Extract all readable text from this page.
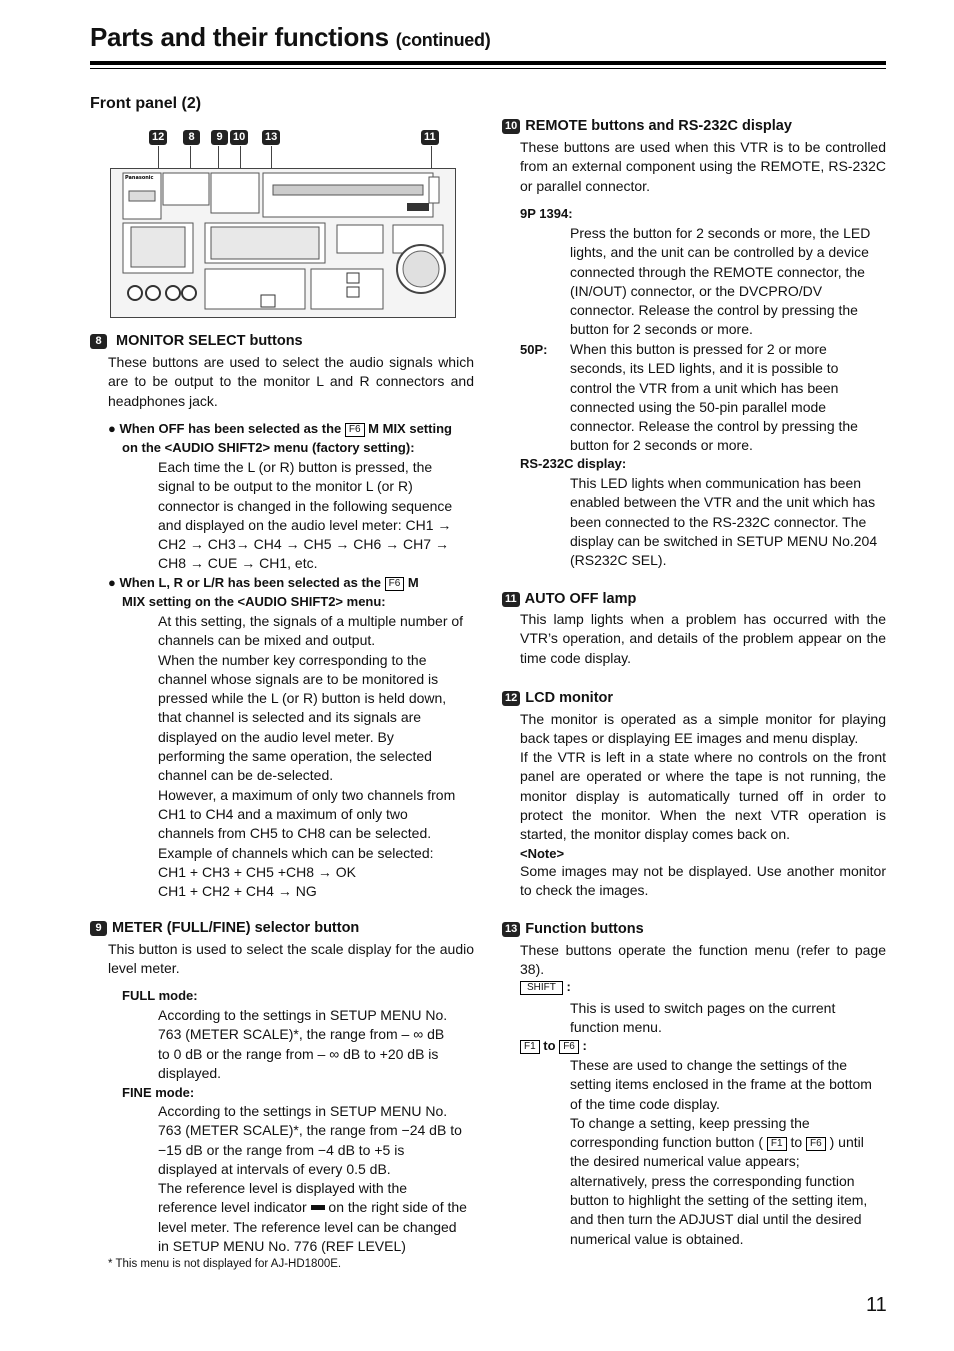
Parts and their functions (continued)
Front panel (2)
12	8	9 10 13	11
Panasonic
8 MONITOR SELECT buttons
These buttons are used to select the audio signals which are to be output to the monitor L and R connectors and headphones jack.
● When OFF has been selected as the F6 M MIX setting
on the <AUDIO SHIFT2> menu (factory setting):
Each time the L (or R) button is pressed, the
signal to be output to the monitor L (or R)
connector is changed in the following sequence
and displayed on the audio level meter: CH1 →
CH2 → CH3→ CH4 → CH5 → CH6 → CH7 →
CH8 → CUE → CH1, etc.
● When L, R or L/R has been selected as the F6 M
MIX setting on the <AUDIO SHIFT2> menu:
At this setting, the signals of a multiple number of
channels can be mixed and output.
When the number key corresponding to the
channel whose signals are to be monitored is
pressed while the L (or R) button is held down,
that channel is selected and its signals are
displayed on the audio level meter. By
performing the same operation, the selected
channel can be de-selected.
However, a maximum of only two channels from
CH1 to CH4 and a maximum of only two
channels from CH5 to CH8 can be selected.
Example of channels which can be selected:
CH1 + CH3 + CH5 +CH8 → OK
CH1 + CH2 + CH4 → NG
9 METER (FULL/FINE) selector button
This button is used to select the scale display for the audio level meter.
FULL mode:
According to the settings in SETUP MENU No.
763 (METER SCALE)*, the range from – ∞ dB
to 0 dB or the range from – ∞ dB to +20 dB is
displayed.
FINE mode:
According to the settings in SETUP MENU No.
763 (METER SCALE)*, the range from −24 dB to
−15 dB or the range from −4 dB to +5 is
displayed at intervals of every 0.5 dB.
The reference level is displayed with the
reference level indicator on the right side of the
level meter. The reference level can be changed
in SETUP MENU No. 776 (REF LEVEL)
* This menu is not displayed for AJ-HD1800E.
10 REMOTE buttons and RS-232C display
These buttons are used when this VTR is to be controlled from an external component using the REMOTE, RS-232C or parallel connector.
9P 1394:
Press the button for 2 seconds or more, the LED
lights, and the unit can be controlled by a device
connected through the REMOTE connector, the
(IN/OUT) connector, or the DVCPRO/DV
connector. Release the control by pressing the
button for 2 seconds or more.
50P: When this button is pressed for 2 or more
seconds, its LED lights, and it is possible to
control the VTR from a unit which has been
connected using the 50-pin parallel mode
connector. Release the control by pressing the
button for 2 seconds or more.
RS-232C display:
This LED lights when communication has been
enabled between the VTR and the unit which has
been connected to the RS-232C connector. The
display can be switched in SETUP MENU No.204
(RS232C SEL).
11 AUTO OFF lamp
This lamp lights when a problem has occurred with the VTR’s operation, and details of the problem appear on the time code display.
12 LCD monitor
The monitor is operated as a simple monitor for playing back tapes or displaying EE images and menu display.
If the VTR is left in a state where no controls on the front panel are operated or where the tape is not running, the monitor display is automatically turned off in order to protect the monitor. When the next VTR operation is started, the monitor display comes back on.
<Note>
Some images may not be displayed. Use another monitor to check the images.
13 Function buttons
These buttons operate the function menu (refer to page 38).
SHIFT :
This is used to switch pages on the current
function menu.
F1 to F6 :
These are used to change the settings of the
setting items enclosed in the frame at the bottom
of the time code display.
To change a setting, keep pressing the
corresponding function button ( F1 to F6 ) until
the desired numerical value appears;
alternatively, press the corresponding function
button to highlight the setting of the setting item,
and then turn the ADJUST dial until the desired
numerical value is obtained.
11
